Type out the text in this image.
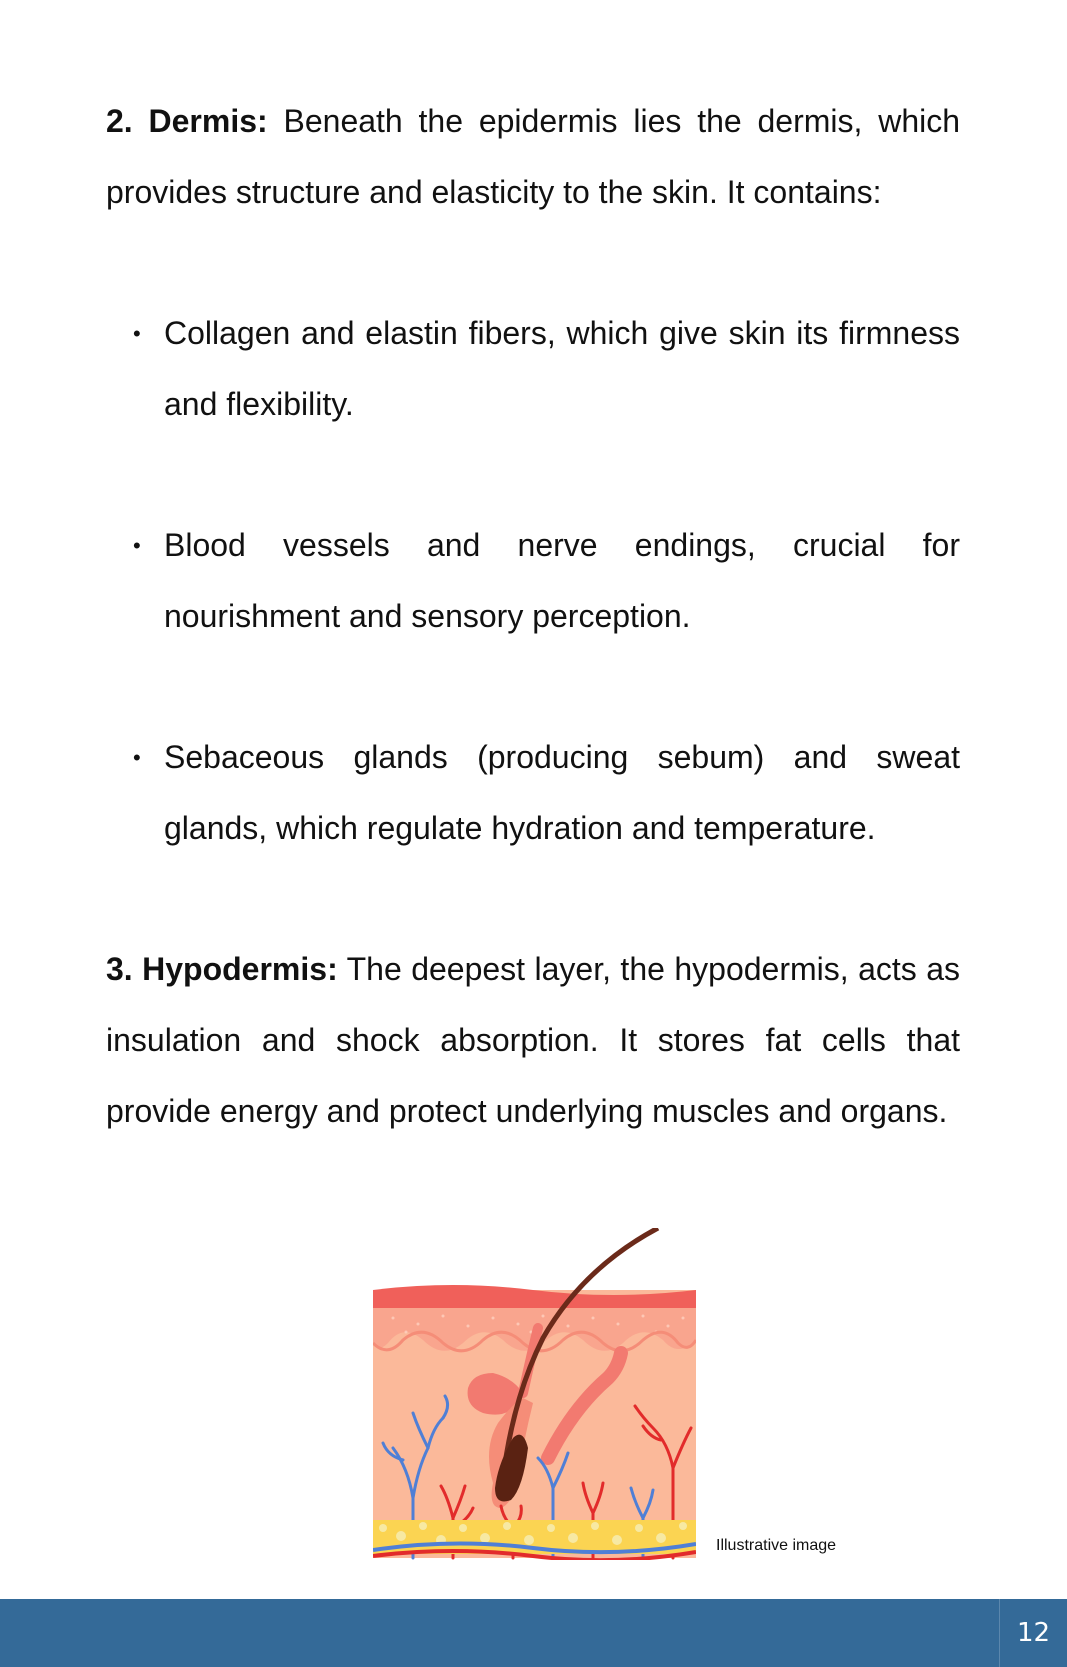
2. Dermis: Beneath the epidermis lies the dermis, which provides structure and elasticity to the skin. It contains:

• Collagen and elastin fibers, which give skin its firmness and flexibility.

• Blood vessels and nerve endings, crucial for nourishment and sensory perception.

• Sebaceous glands (producing sebum) and sweat glands, which regulate hydration and temperature.

3. Hypodermis: The deepest layer, the hypodermis, acts as insulation and shock absorption. It stores fat cells that provide energy and protect underlying muscles and organs.

Illustrative image
12
